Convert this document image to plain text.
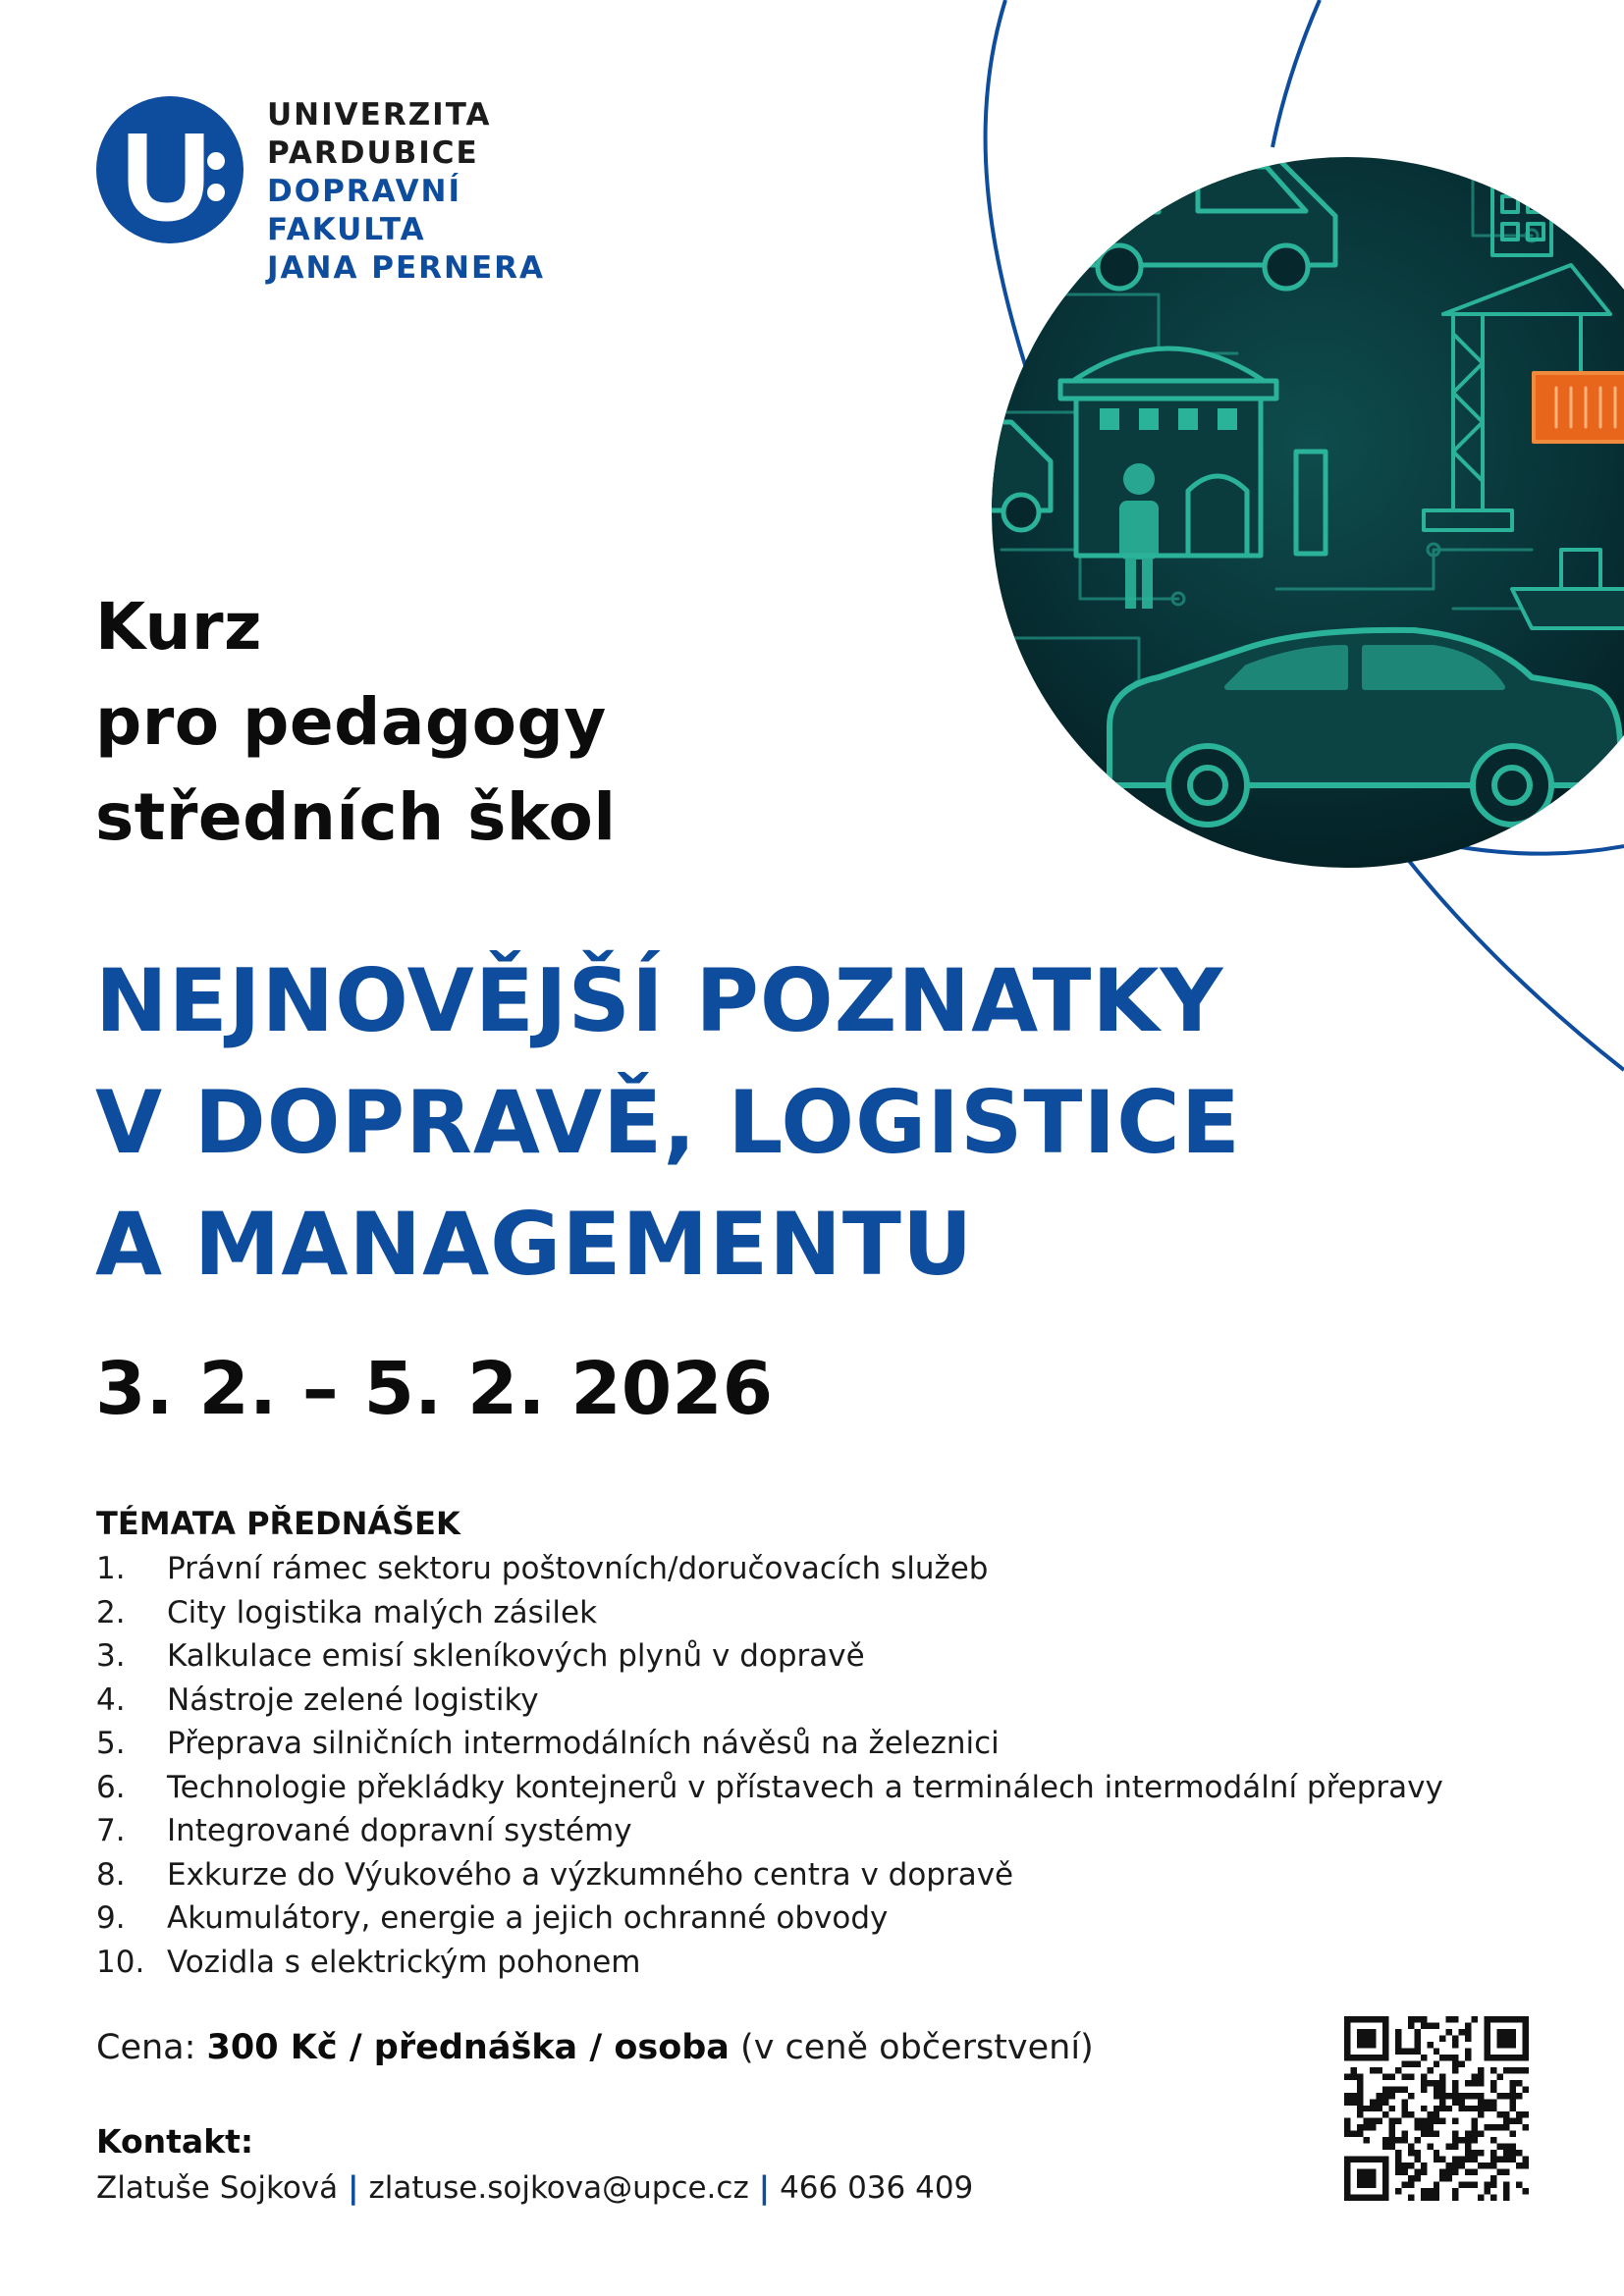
UNIVERZITA
PARDUBICE
DOPRAVNÍ
FAKULTA
JANA PERNERA
Kurz
pro pedagogy
středních škol
NEJNOVĚJŠÍ POZNATKY
V DOPRAVĚ, LOGISTICE
A MANAGEMENTU
3. 2. – 5. 2. 2026
TÉMATA PŘEDNÁŠEK
1. Právní rámec sektoru poštovních/doručovacích služeb
2. City logistika malých zásilek
3. Kalkulace emisí skleníkových plynů v dopravě
4. Nástroje zelené logistiky
5. Přeprava silničních intermodálních návěsů na železnici
6. Technologie překládky kontejnerů v přístavech a terminálech intermodální přepravy
7. Integrované dopravní systémy
8. Exkurze do Výukového a výzkumného centra v dopravě
9. Akumulátory, energie a jejich ochranné obvody
10. Vozidla s elektrickým pohonem
Cena: 300 Kč / přednáška / osoba (v ceně občerstvení)
Kontakt:
Zlatuše Sojková | zlatuse.sojkova@upce.cz | 466 036 409
